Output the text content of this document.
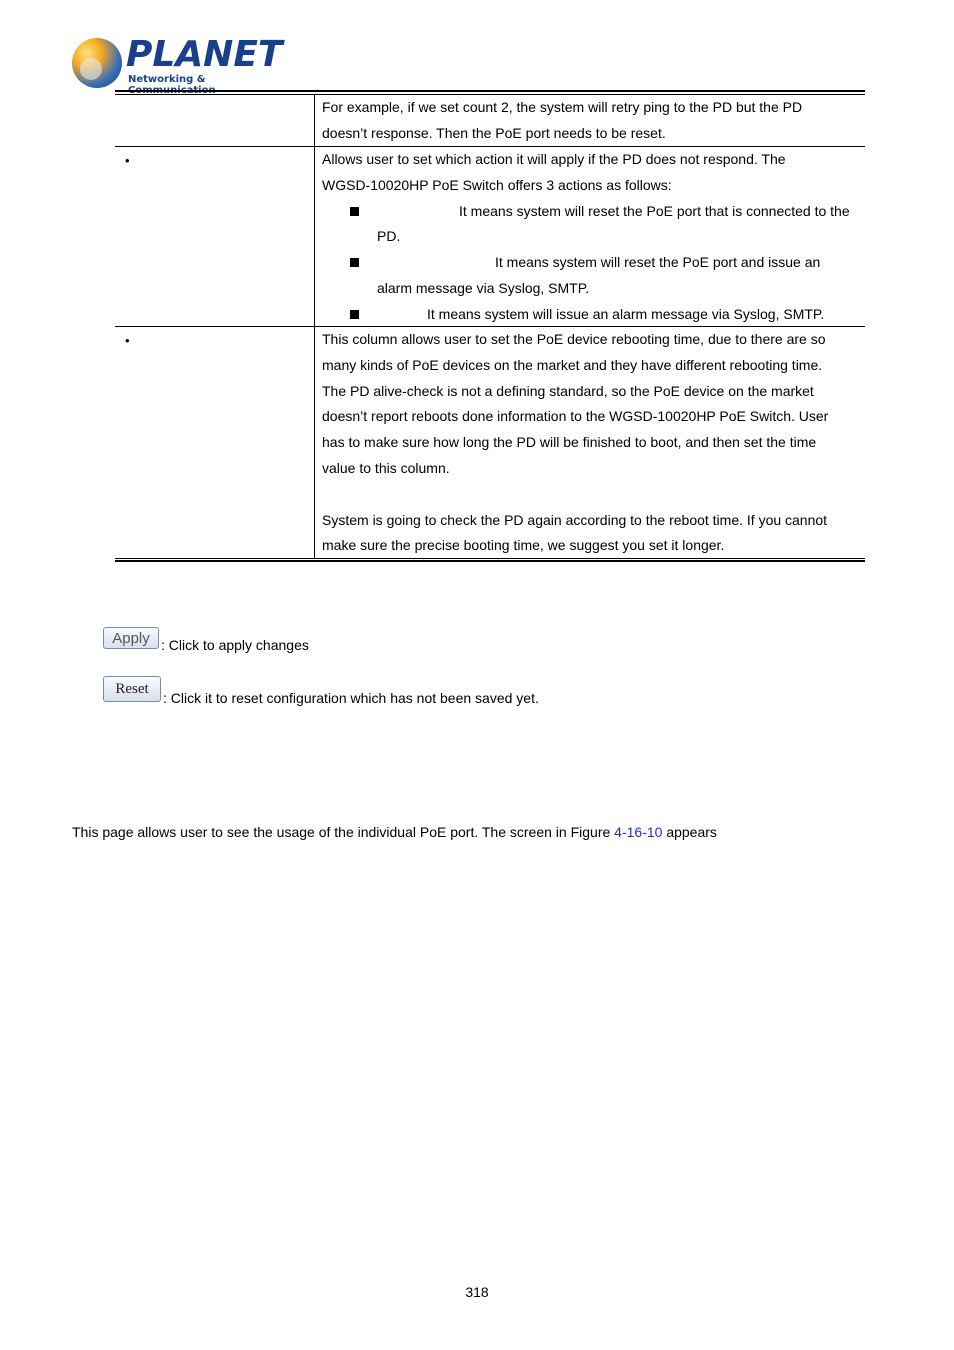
PLANET
Networking &
For example, if we set count 2, the system will retry ping to the PD but the PD
doesn’t response. Then the PoE port needs to be reset.
•	Allows user to set which action it will apply if the PD does not respond. The
WGSD-10020HP PoE Switch offers 3 actions as follows:
It means system will reset the PoE port that is connected to the
PD.
It means system will reset the PoE port and issue an
alarm message via Syslog, SMTP.
It means system will issue an alarm message via Syslog, SMTP.
•	This column allows user to set the PoE device rebooting time, due to there are so
many kinds of PoE devices on the market and they have different rebooting time.
The PD alive-check is not a defining standard, so the PoE device on the market
doesn’t report reboots done information to the WGSD-10020HP PoE Switch. User
has to make sure how long the PD will be finished to boot, and then set the time
value to this column.
System is going to check the PD again according to the reboot time. If you cannot
make sure the precise booting time, we suggest you set it longer.
Apply : Click to apply changes
Reset
: Click it to reset configuration which has not been saved yet.
This page allows user to see the usage of the individual PoE port. The screen in Figure 4-16-10 appears
318
